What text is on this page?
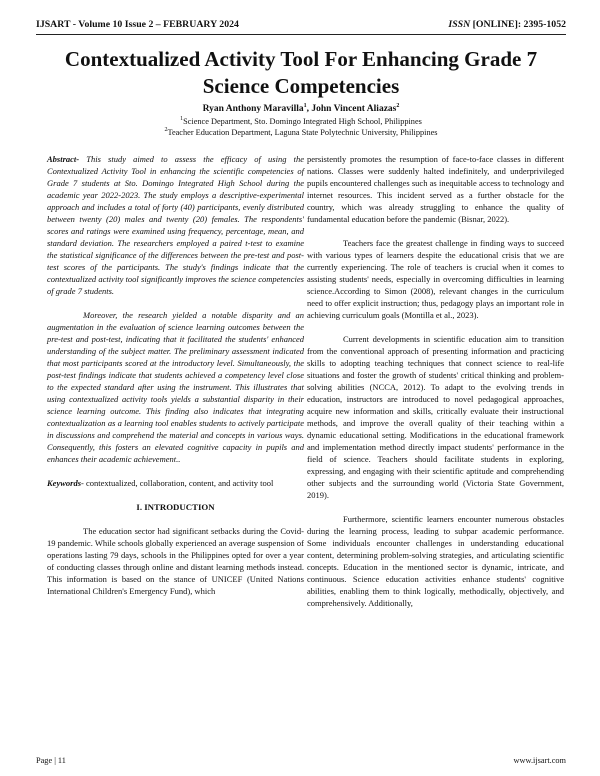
IJSART - Volume 10 Issue 2 – FEBRUARY 2024	ISSN [ONLINE]: 2395-1052
Contextualized Activity Tool For Enhancing Grade 7 Science Competencies
Ryan Anthony Maravilla$^1$, John Vincent Aliazas$^2$
$^1$Science Department, Sto. Domingo Integrated High School, Philippines
$^2$Teacher Education Department, Laguna State Polytechnic University, Philippines

Abstract- This study aimed to assess the efficacy of using the Contextualized Activity Tool in enhancing the scientific competencies of Grade 7 students at Sto. Domingo Integrated High School during the academic year 2022-2023. The study employs a descriptive-experimental approach and includes a total of forty (40) participants, evenly distributed between twenty (20) males and twenty (20) females. The respondents' scores and ratings were examined using frequency, percentage, mean, and standard deviation. The researchers employed a paired t-test to examine the statistical significance of the differences between the pre-test and post-test scores of the participants. The study's findings indicate that the contextualized activity tool significantly improves the science competencies of grade 7 students.

Moreover, the research yielded a notable disparity and an augmentation in the evaluation of science learning outcomes between the pre-test and post-test, indicating that it facilitated the students' enhanced understanding of the subject matter. The preliminary assessment indicated that most participants scored at the introductory level. Simultaneously, the post-test findings indicate that students achieved a competency level close to the expected standard after using the instrument. This illustrates that using contextualized activity tools yields a substantial disparity in their science learning outcome. This finding also indicates that integrating contextualization as a learning tool enables students to actively participate in discussions and comprehend the material and concepts in various ways. Consequently, this fosters an elevated cognitive capacity in pupils and enhances their academic achievement..

Keywords- contextualized, collaboration, content, and activity tool

I. INTRODUCTION

The education sector had significant setbacks during the Covid-19 pandemic. While schools globally experienced an average suspension of operations lasting 79 days, schools in the Philippines opted for over a year of conducting classes through online and distant learning methods instead. This information is based on the stance of UNICEF (United Nations International Children's Emergency Fund), which

persistently promotes the resumption of face-to-face classes in different nations. Classes were suddenly halted indefinitely, and underprivileged pupils encountered challenges such as inequitable access to technology and internet resources. This incident served as a further obstacle for the country, which was already struggling to enhance the quality of fundamental education before the pandemic (Bisnar, 2022).

Teachers face the greatest challenge in finding ways to succeed with various types of learners despite the educational crisis that we are currently experiencing. The role of teachers is crucial when it comes to assisting students' needs, especially in overcoming difficulties in learning science.According to Simon (2008), relevant changes in the curriculum need to offer explicit instruction; thus, pedagogy plays an important role in achieving curriculum goals (Montilla et al., 2023).

Current developments in scientific education aim to transition from the conventional approach of presenting information and practicing skills to adopting teaching techniques that connect science to real-life situations and foster the growth of students' critical thinking and problem-solving abilities (NCCA, 2012). To adapt to the evolving trends in education, instructors are introduced to novel pedagogical approaches, acquire new information and skills, critically evaluate their instructional methods, and improve the overall quality of their teaching within a dynamic educational setting. Modifications in the educational framework and implementation method directly impact students' performance in the field of science. Teachers should facilitate students in exploring, expressing, and engaging with their scientific aptitude and comprehending other subjects and the surrounding world (Victoria State Government, 2019).

Furthermore, scientific learners encounter numerous obstacles during the learning process, leading to subpar academic performance. Some individuals encounter challenges in understanding educational content, determining problem-solving strategies, and articulating scientific concepts. Education in the mentioned sector is dynamic, intricate, and continuous. Science education activities enhance students' cognitive abilities, enabling them to think logically, methodically, objectively, and comprehensively. Additionally,

Page | 11	www.ijsart.com
